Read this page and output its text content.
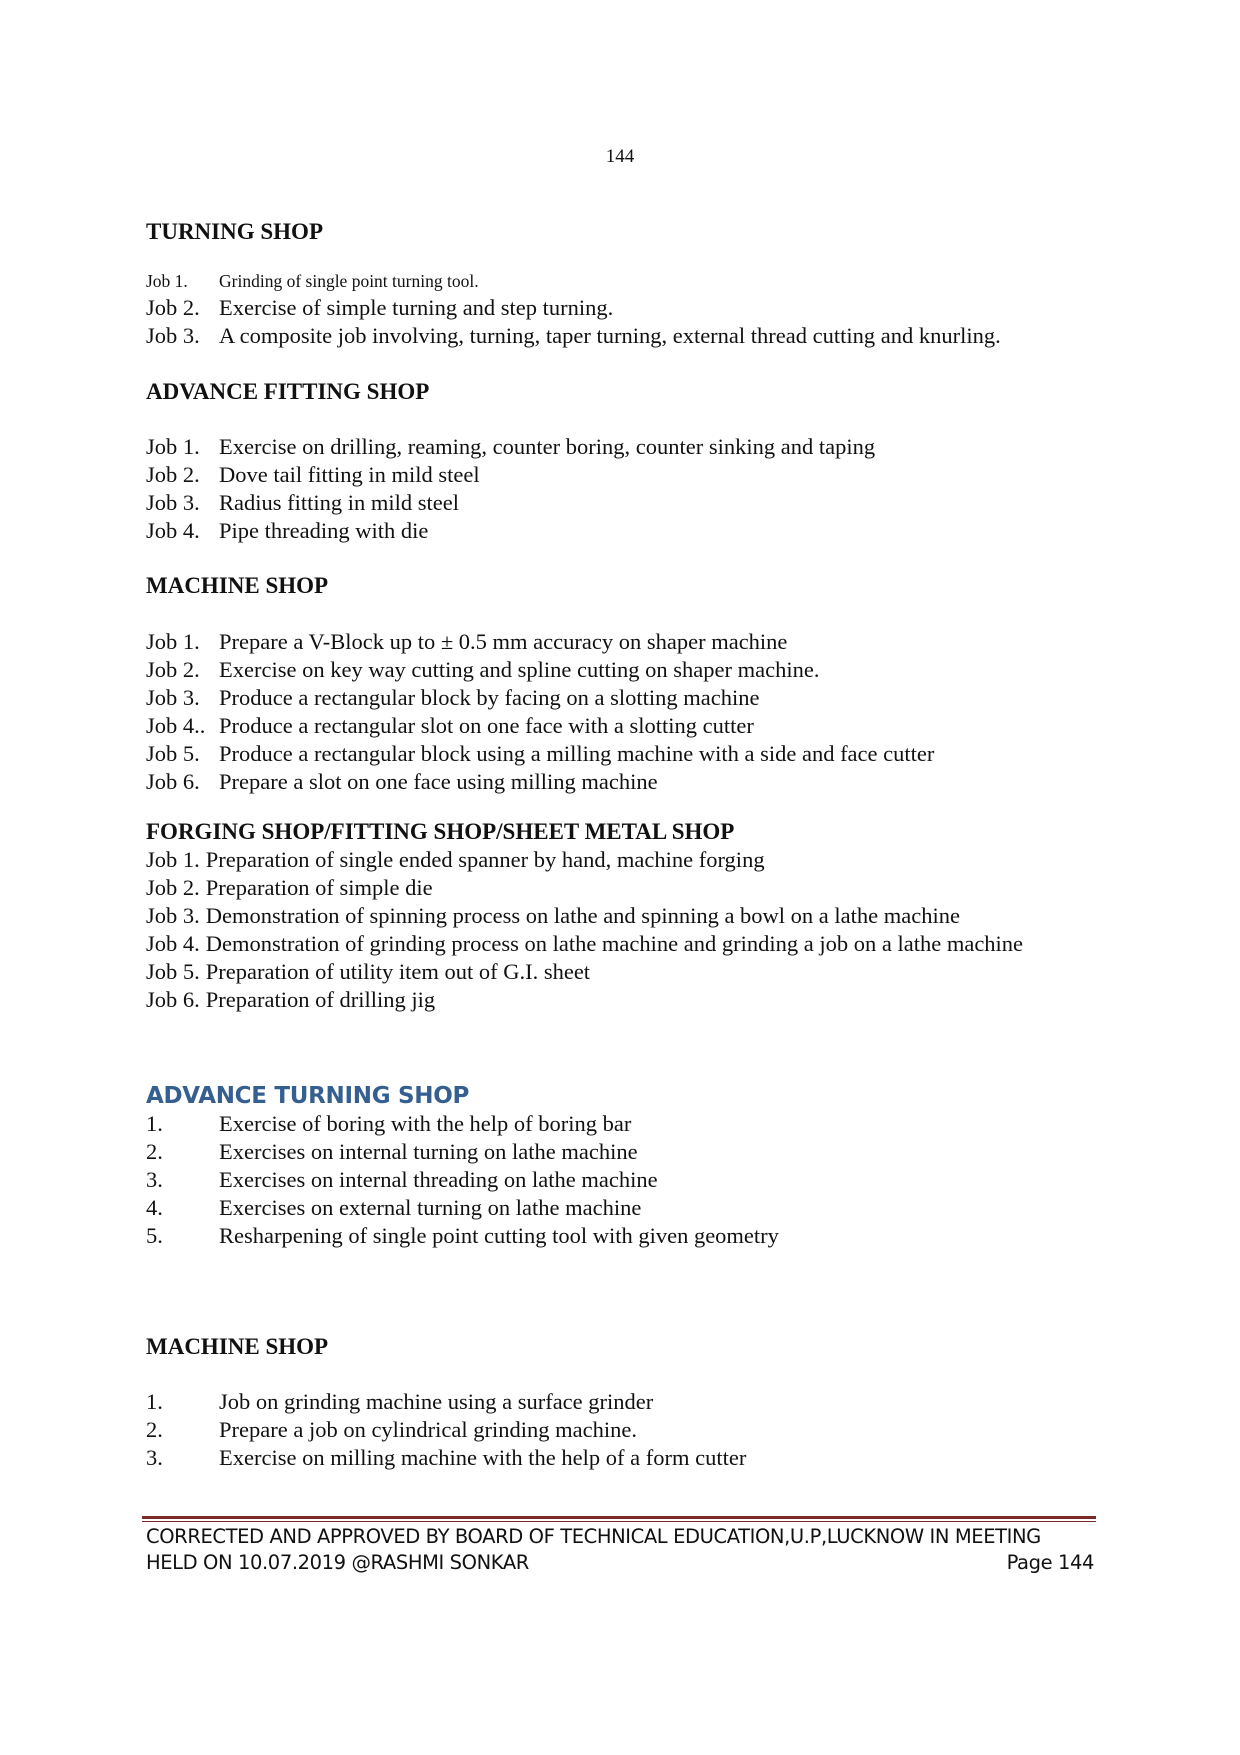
144
TURNING SHOP
Job 1.	Grinding of single point turning tool.
Job 2. Exercise of simple turning and step turning.
Job 3. A composite job involving, turning, taper turning, external thread cutting and knurling.
ADVANCE FITTING SHOP
Job 1. Exercise on drilling, reaming, counter boring, counter sinking and taping
Job 2. Dove tail fitting in mild steel
Job 3. Radius fitting in mild steel
Job 4. Pipe threading with die
MACHINE SHOP
Job 1. Prepare a V-Block up to ± 0.5 mm accuracy on shaper machine
Job 2. Exercise on key way cutting and spline cutting on shaper machine.
Job 3. Produce a rectangular block by facing on a slotting machine
Job 4.. Produce a rectangular slot on one face with a slotting cutter
Job 5. Produce a rectangular block using a milling machine with a side and face cutter
Job 6. Prepare a slot on one face using milling machine
FORGING SHOP/FITTING SHOP/SHEET METAL SHOP
Job 1. Preparation of single ended spanner by hand, machine forging
Job 2. Preparation of simple die
Job 3. Demonstration of spinning process on lathe and spinning a bowl on a lathe machine
Job 4. Demonstration of grinding process on lathe machine and grinding a job on a lathe machine
Job 5. Preparation of utility item out of G.I. sheet
Job 6. Preparation of drilling jig
ADVANCE TURNING SHOP
1.	Exercise of boring with the help of boring bar
2.	Exercises on internal turning on lathe machine
3.	Exercises on internal threading on lathe machine
4.	Exercises on external turning on lathe machine
5.	Resharpening of single point cutting tool with given geometry
MACHINE SHOP
1.	Job on grinding machine using a surface grinder
2.	Prepare a job on cylindrical grinding machine.
3.	Exercise on milling machine with the help of a form cutter
CORRECTED AND APPROVED BY BOARD OF TECHNICAL EDUCATION,U.P,LUCKNOW IN MEETING
HELD ON 10.07.2019 @RASHMI SONKAR	Page 144
